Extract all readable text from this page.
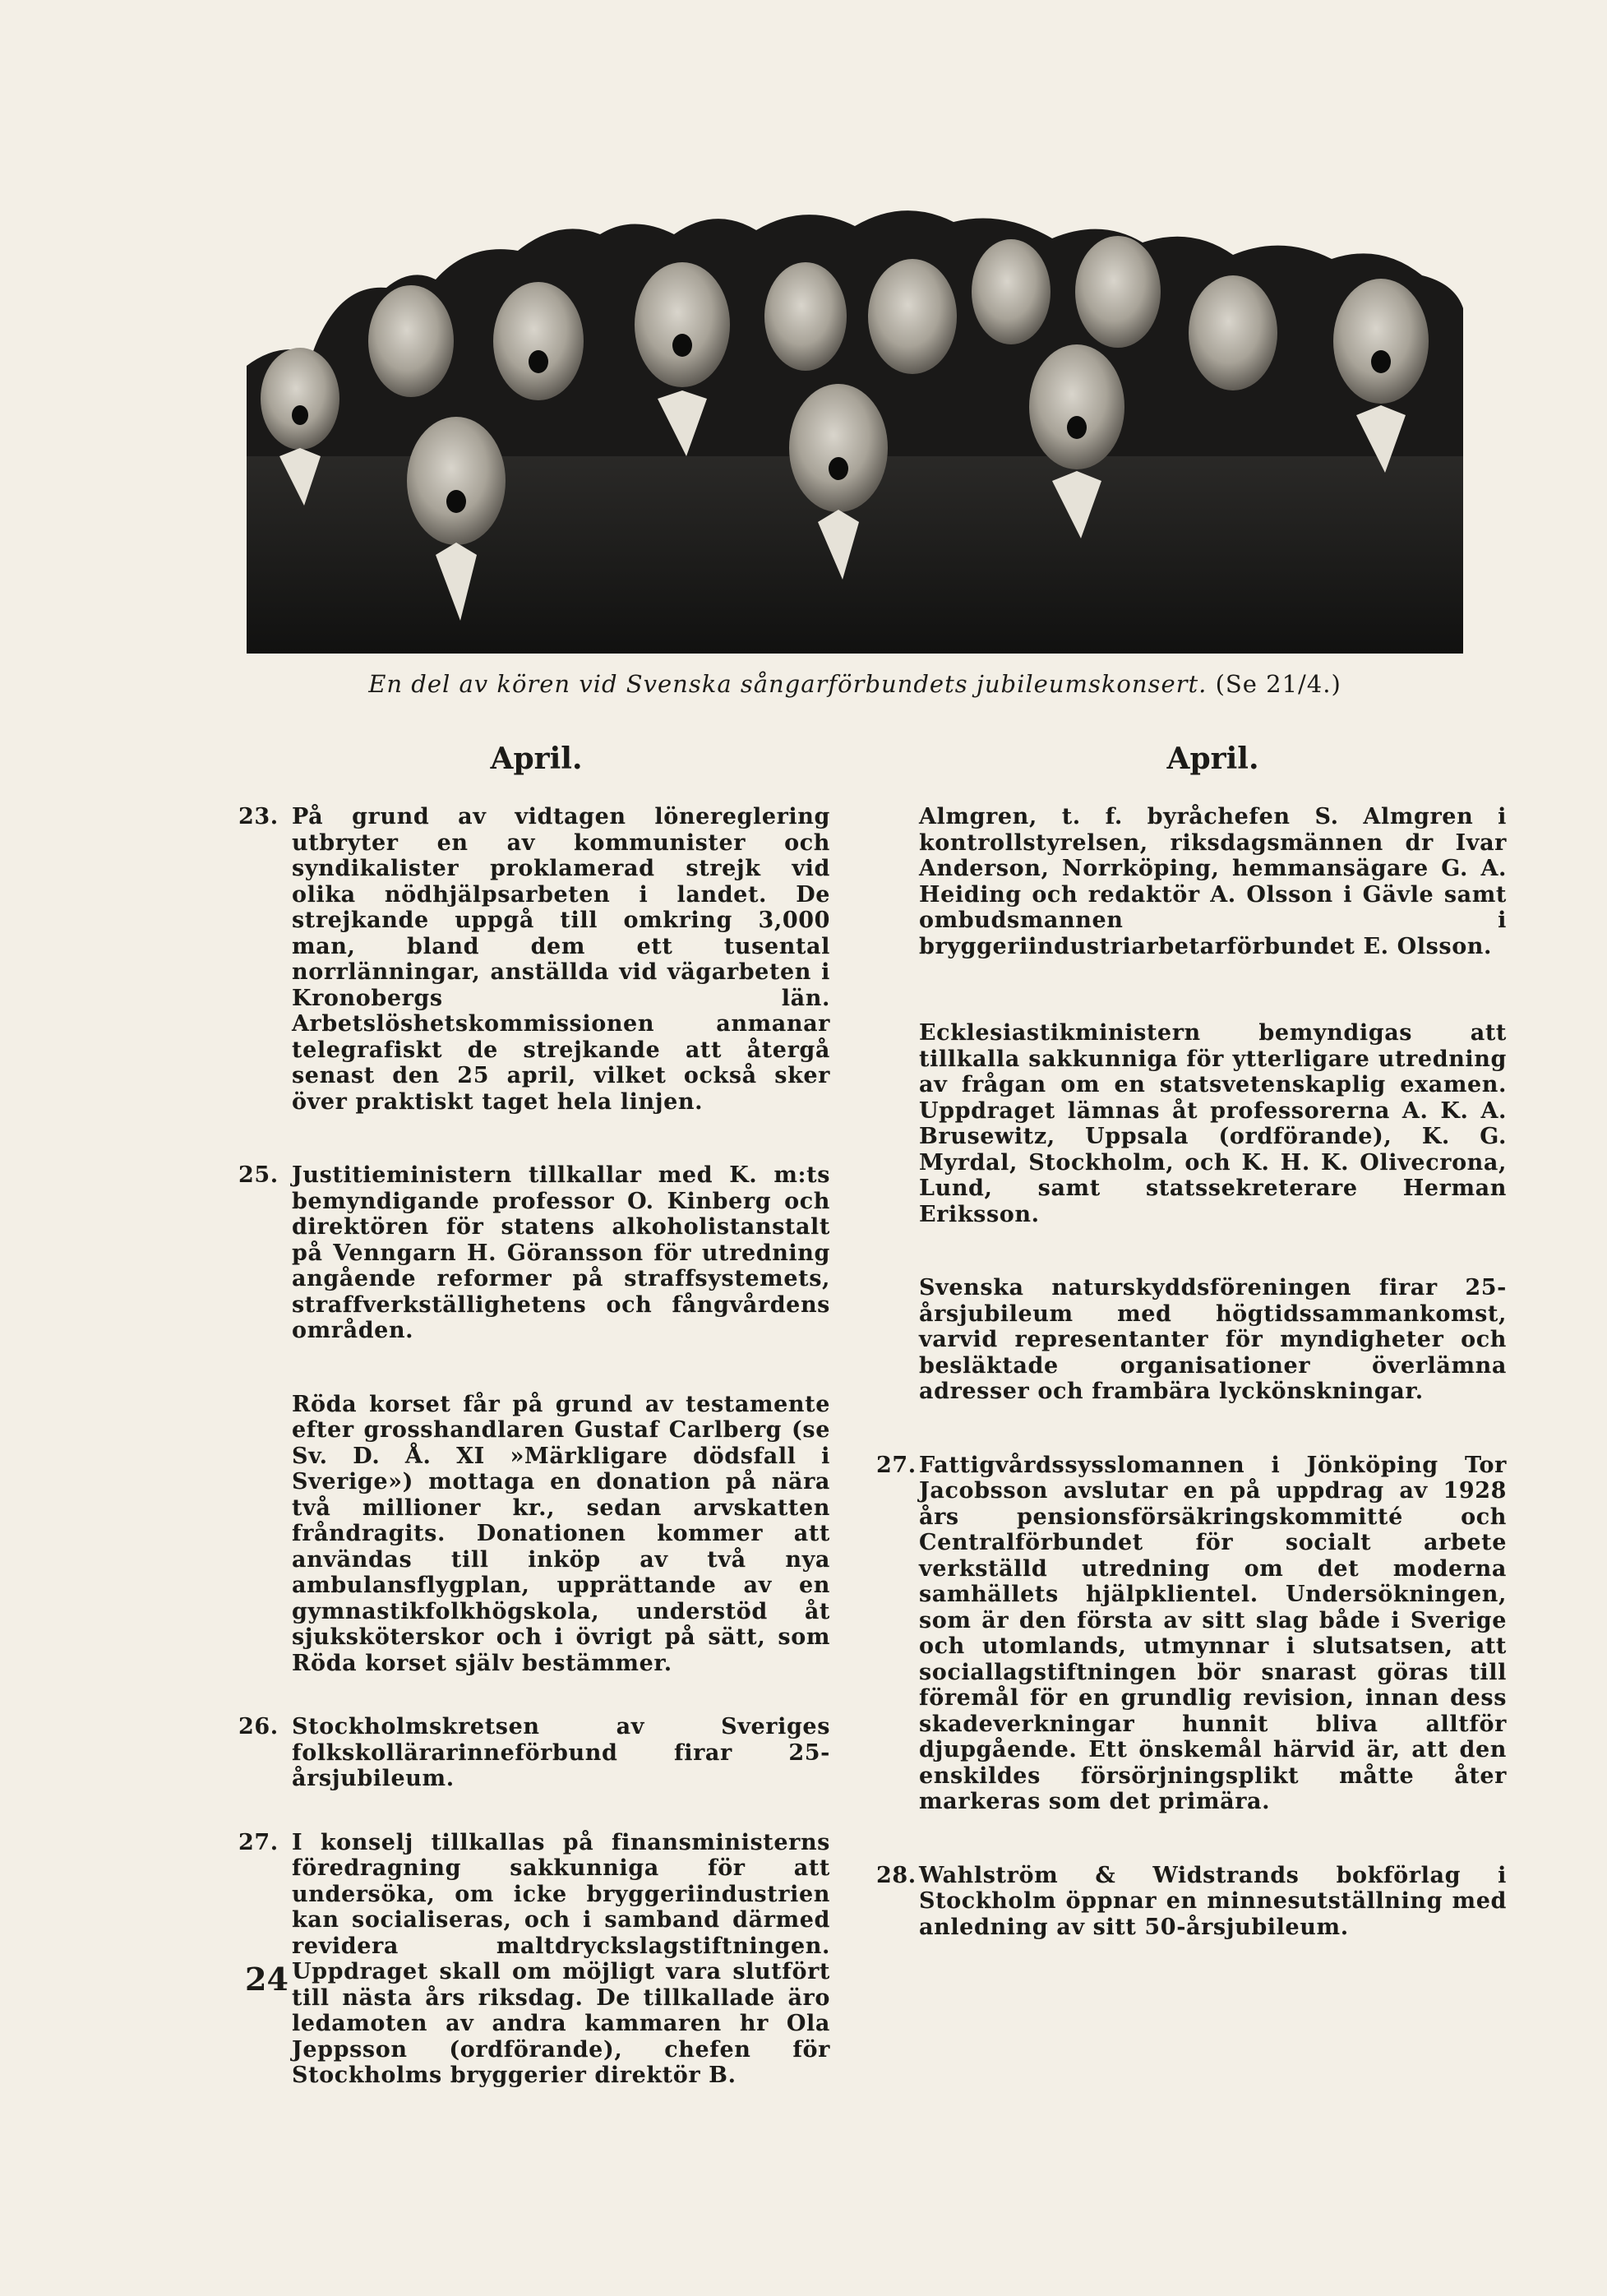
En del av kören vid Svenska sångarförbundets jubileumskonsert. (Se 21/4.)
April.
23. På grund av vidtagen lönereglering utbryter en av kommunister och syndikalister proklamerad strejk vid olika nödhjälpsarbeten i landet. De strejkande uppgå till omkring 3,000 man, bland dem ett tusental norrlänningar, anställda vid vägarbeten i Kronobergs län. Arbetslöshetskommissionen anmanar telegrafiskt de strejkande att återgå senast den 25 april, vilket också sker över praktiskt taget hela linjen.
25. Justitieministern tillkallar med K. m:ts bemyndigande professor O. Kinberg och direktören för statens alkoholistanstalt på Venngarn H. Göransson för utredning angående reformer på straffsystemets, straffverkställighetens och fångvårdens områden.
Röda korset får på grund av testamente efter grosshandlaren Gustaf Carlberg (se Sv. D. Å. XI »Märkligare dödsfall i Sverige») mottaga en donation på nära två millioner kr., sedan arvskatten fråndragits. Donationen kommer att användas till inköp av två nya ambulansflygplan, upprättande av en gymnastikfolkhögskola, understöd åt sjuksköterskor och i övrigt på sätt, som Röda korset själv bestämmer.
26. Stockholmskretsen av Sveriges folkskollärarinneförbund firar 25-årsjubileum.
27. I konselj tillkallas på finansministerns föredragning sakkunniga för att undersöka, om icke bryggeriindustrien kan socialiseras, och i samband därmed revidera maltdryckslagstiftningen. Uppdraget skall om möjligt vara slutfört till nästa års riksdag. De tillkallade äro ledamoten av andra kammaren hr Ola Jeppsson (ordförande), chefen för Stockholms bryggerier direktör B.
April.
Almgren, t. f. byråchefen S. Almgren i kontrollstyrelsen, riksdagsmännen dr Ivar Anderson, Norrköping, hemmansägare G. A. Heiding och redaktör A. Olsson i Gävle samt ombudsmannen i bryggeriindustriarbetarförbundet E. Olsson.
Ecklesiastikministern bemyndigas att tillkalla sakkunniga för ytterligare utredning av frågan om en statsvetenskaplig examen. Uppdraget lämnas åt professorerna A. K. A. Brusewitz, Uppsala (ordförande), K. G. Myrdal, Stockholm, och K. H. K. Olivecrona, Lund, samt statssekreterare Herman Eriksson.
Svenska naturskyddsföreningen firar 25-årsjubileum med högtidssammankomst, varvid representanter för myndigheter och besläktade organisationer överlämna adresser och frambära lyckönskningar.
27. Fattigvårdssysslomannen i Jönköping Tor Jacobsson avslutar en på uppdrag av 1928 års pensionsförsäkringskommitté och Centralförbundet för socialt arbete verkställd utredning om det moderna samhällets hjälpklientel. Undersökningen, som är den första av sitt slag både i Sverige och utomlands, utmynnar i slutsatsen, att sociallagstiftningen bör snarast göras till föremål för en grundlig revision, innan dess skadeverkningar hunnit bliva alltför djupgående. Ett önskemål härvid är, att den enskildes försörjningsplikt måtte åter markeras som det primära.
28. Wahlström & Widstrands bokförlag i Stockholm öppnar en minnesutställning med anledning av sitt 50-årsjubileum.
24
